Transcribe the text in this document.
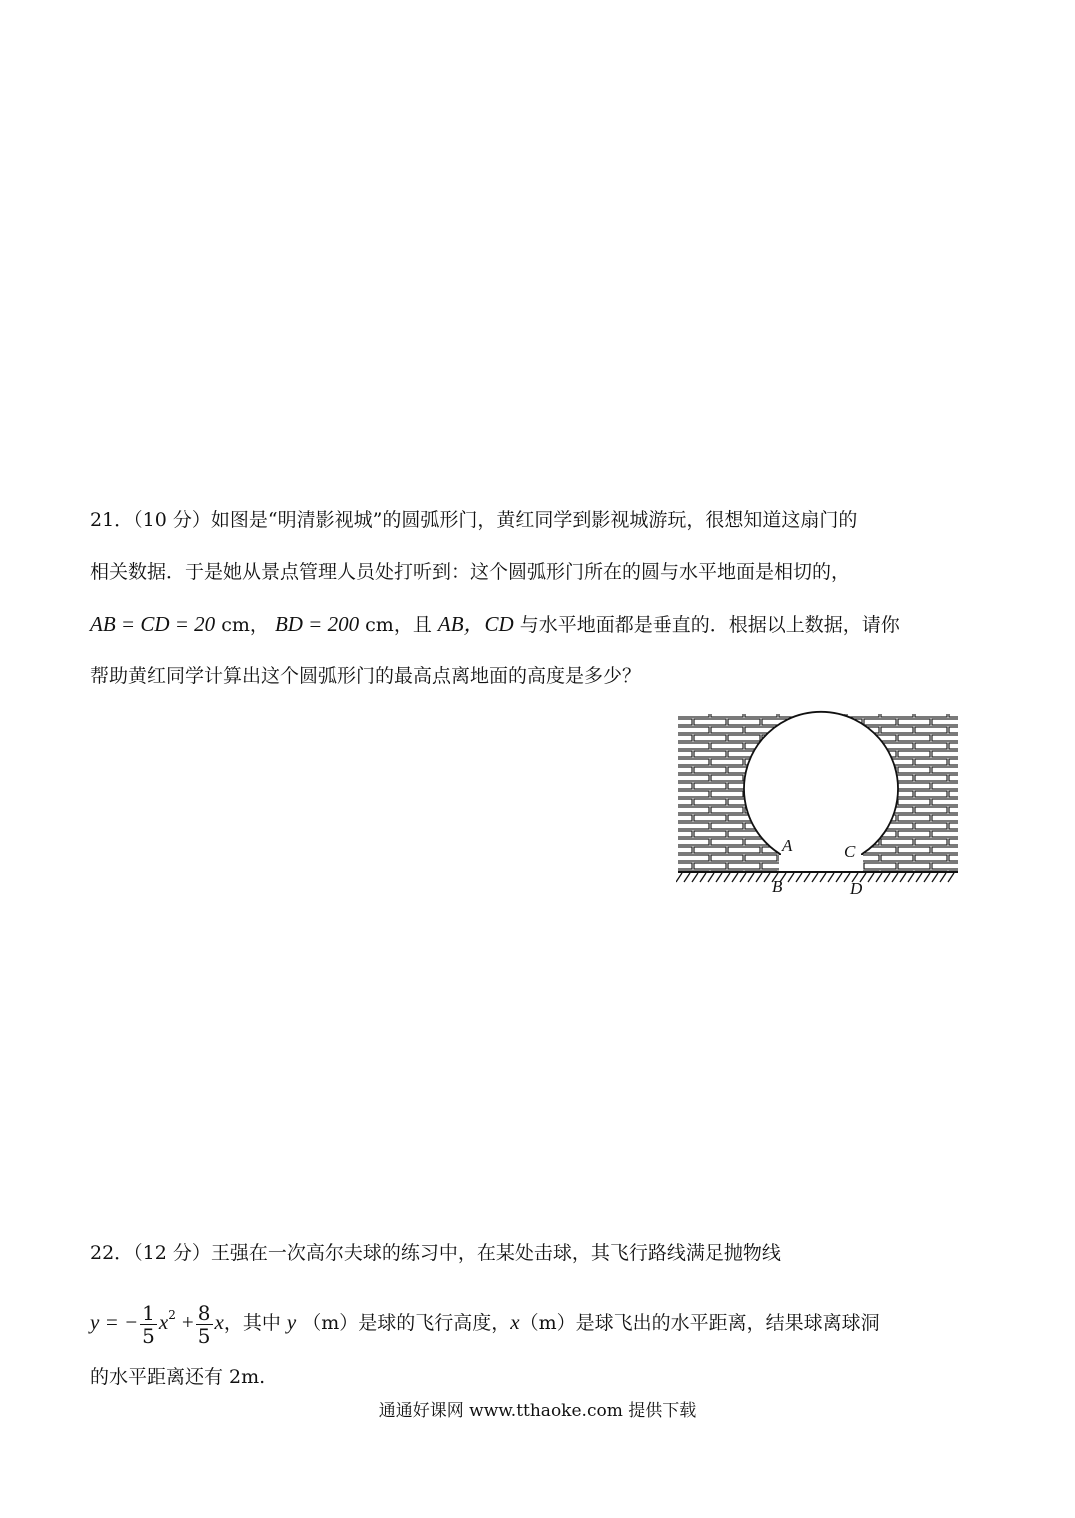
21．（10 分）如图是“明清影视城”的圆弧形门，黄红同学到影视城游玩，很想知道这扇门的
相关数据．于是她从景点管理人员处打听到：这个圆弧形门所在的圆与水平地面是相切的，
AB = CD = 20 cm， BD = 200 cm，且 AB，CD 与水平地面都是垂直的．根据以上数据，请你
帮助黄红同学计算出这个圆弧形门的最高点离地面的高度是多少？
A
B
C
D
22．（12 分）王强在一次高尔夫球的练习中，在某处击球，其飞行路线满足抛物线
y = − $\frac{1}{5} x^2 + \frac{8}{5}$ x，其中 y （m）是球的飞行高度，x（m）是球飞出的水平距离，结果球离球洞
的水平距离还有 2m.
通通好课网 www.tthaoke.com 提供下载
